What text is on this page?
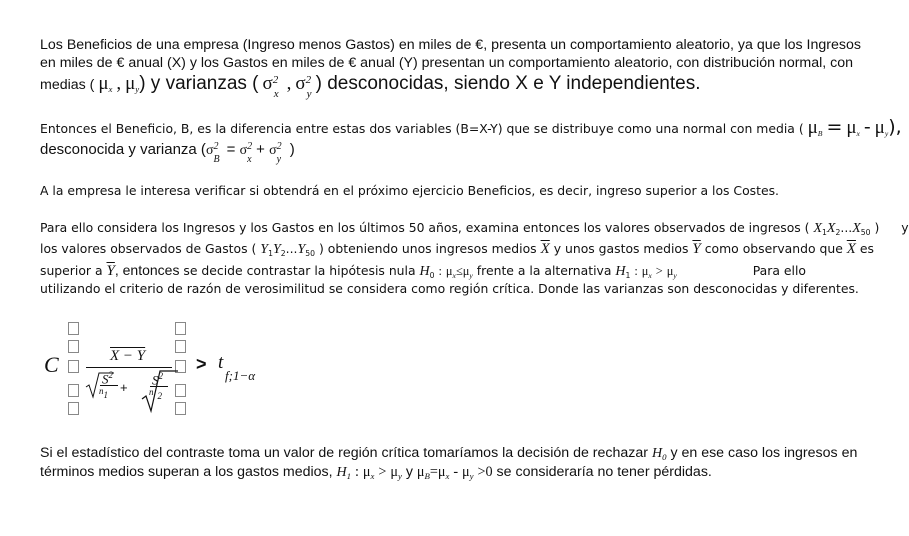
Los Beneficios de una empresa (Ingreso menos Gastos) en miles de €, presenta un comportamiento aleatorio, ya que los Ingresos
en miles de € anual (X) y los Gastos en miles de € anual (Y) presentan un comportamiento aleatorio, con distribución normal, con
medias ( $\mu_x$ , $\mu_y$) y varianzas ( σ 2
x , σ 2
y ) desconocidas, siendo X e Y independientes.
Entonces el Beneficio, B, es la diferencia entre estas dos variables (B=X-Y) que se distribuye como una normal con media ( $\mu_B = \mu_x - \mu_y$),
desconocida y varianza (σ 2
B
= σ 2
x
+ σ 2
y
)
A la empresa le interesa verificar si obtendrá en el próximo ejercicio Beneficios, es decir, ingreso superior a los Costes.
Para ello considera los Ingresos y los Gastos en los últimos 50 años, examina entonces los valores observados de ingresos ( $X_1X_2...X_{50}$ ) y
los valores observados de Gastos ( $Y_1Y_2...Y_{50}$ ) obteniendo unos ingresos medios $\overline{X}$ y unos gastos medios $\overline{Y}$ como observando que $\overline{X}$ es
superior a $\overline{Y}$, entonces se decide contrastar la hipótesis nula $H_0$ : $\mu_x\le\mu_y$ frente a la alternativa $H_1$ : $\mu_x > \mu_y$	Para ello
utilizando el criterio de razón de verosimilitud se considera como región crítica. Donde las varianzas son desconocidas y diferentes.
C	X − Y
$S^2$
n1 +
$S^2$
n 2
> t
f;1−α
Si el estadístico del contraste toma un valor de región crítica tomaríamos la decisión de rechazar $H_0$ y en ese caso los ingresos en
términos medios superan a los gastos medios, $H_1$ : $\mu_x > \mu_y$ y $\mu_B=\mu_x - \mu_y >0$ se consideraría no tener pérdidas.
